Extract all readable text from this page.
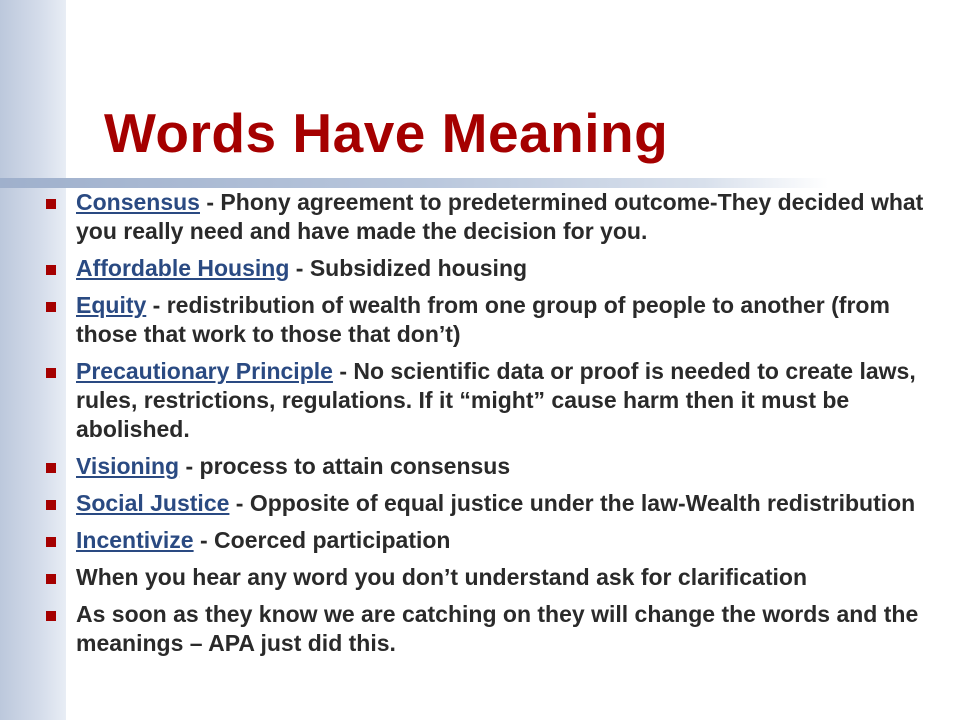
Words Have Meaning
Consensus - Phony agreement to predetermined outcome-They decided what you really need and have made the decision for you.
Affordable Housing - Subsidized housing
Equity - redistribution of wealth from one group of people to another (from those that work to those that don’t)
Precautionary Principle - No scientific data or proof is needed to create laws, rules, restrictions, regulations. If it “might” cause harm then it must be abolished.
Visioning - process to attain consensus
Social Justice - Opposite of equal justice under the law-Wealth redistribution
Incentivize - Coerced participation
When you hear any word you don’t understand ask for clarification
As soon as they know we are catching on they will change the words and the meanings – APA just did this.
